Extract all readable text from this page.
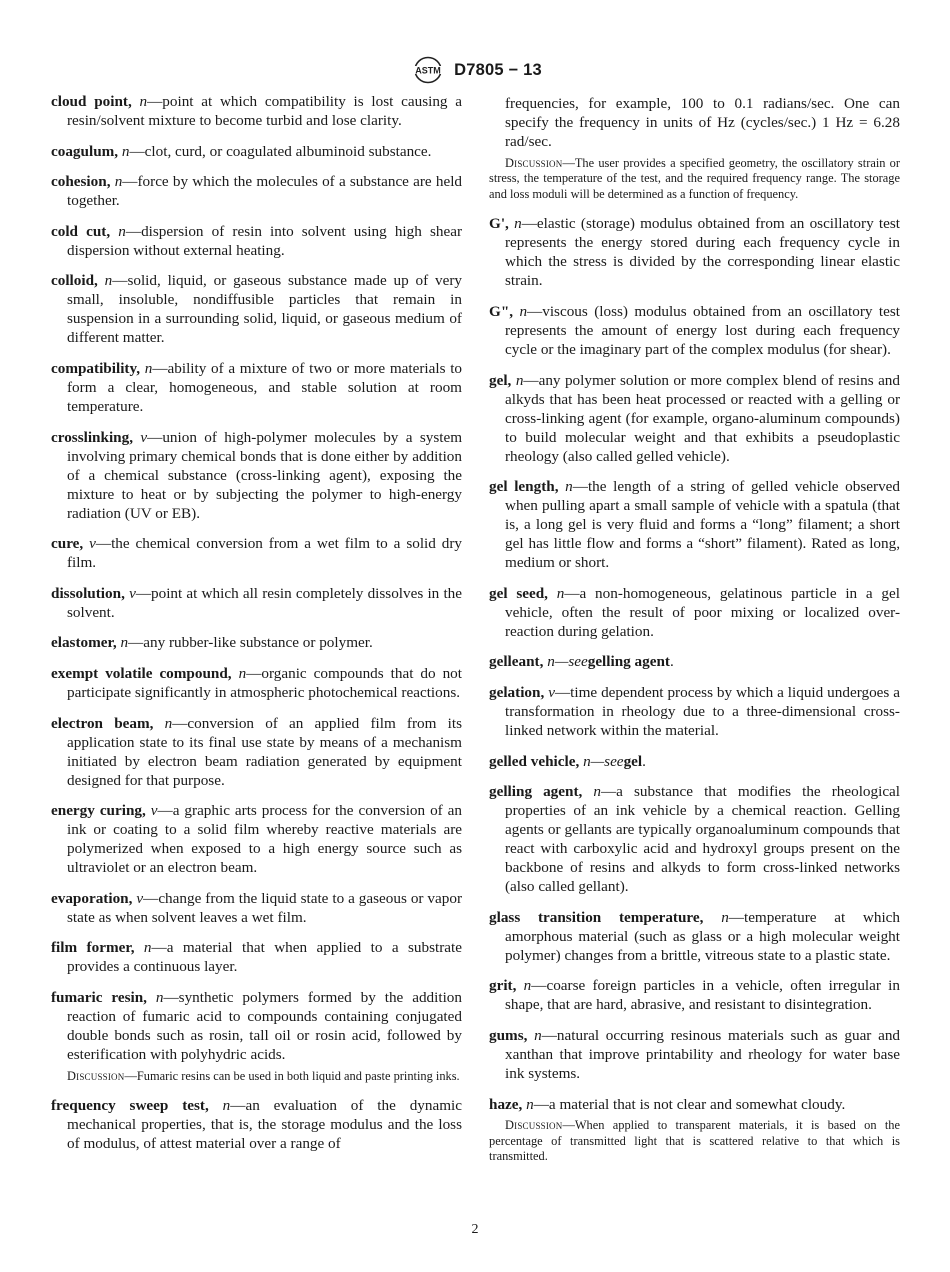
ASTM D7805 − 13

cloud point, n—point at which compatibility is lost causing a resin/solvent mixture to become turbid and lose clarity.

coagulum, n—clot, curd, or coagulated albuminoid substance.

cohesion, n—force by which the molecules of a substance are held together.

cold cut, n—dispersion of resin into solvent using high shear dispersion without external heating.

colloid, n—solid, liquid, or gaseous substance made up of very small, insoluble, nondiffusible particles that remain in suspension in a surrounding solid, liquid, or gaseous medium of different matter.

compatibility, n—ability of a mixture of two or more materials to form a clear, homogeneous, and stable solution at room temperature.

crosslinking, v—union of high-polymer molecules by a system involving primary chemical bonds that is done either by addition of a chemical substance (cross-linking agent), exposing the mixture to heat or by subjecting the polymer to high-energy radiation (UV or EB).

cure, v—the chemical conversion from a wet film to a solid dry film.

dissolution, v—point at which all resin completely dissolves in the solvent.

elastomer, n—any rubber-like substance or polymer.

exempt volatile compound, n—organic compounds that do not participate significantly in atmospheric photochemical reactions.

electron beam, n—conversion of an applied film from its application state to its final use state by means of a mechanism initiated by electron beam radiation generated by equipment designed for that purpose.

energy curing, v—a graphic arts process for the conversion of an ink or coating to a solid film whereby reactive materials are polymerized when exposed to a high energy source such as ultraviolet or an electron beam.

evaporation, v—change from the liquid state to a gaseous or vapor state as when solvent leaves a wet film.

film former, n—a material that when applied to a substrate provides a continuous layer.

fumaric resin, n—synthetic polymers formed by the addition reaction of fumaric acid to compounds containing conjugated double bonds such as rosin, tall oil or rosin acid, followed by esterification with polyhydric acids.

Discussion—Fumaric resins can be used in both liquid and paste printing inks.

frequency sweep test, n—an evaluation of the dynamic mechanical properties, that is, the storage modulus and the loss of modulus, of attest material over a range of

frequencies, for example, 100 to 0.1 radians/sec. One can specify the frequency in units of Hz (cycles/sec.) 1 Hz = 6.28 rad/sec.

Discussion—The user provides a specified geometry, the oscillatory strain or stress, the temperature of the test, and the required frequency range. The storage and loss moduli will be determined as a function of frequency.

G', n—elastic (storage) modulus obtained from an oscillatory test represents the energy stored during each frequency cycle in which the stress is divided by the corresponding linear elastic strain.

G", n—viscous (loss) modulus obtained from an oscillatory test represents the amount of energy lost during each frequency cycle or the imaginary part of the complex modulus (for shear).

gel, n—any polymer solution or more complex blend of resins and alkyds that has been heat processed or reacted with a gelling or cross-linking agent (for example, organo-aluminum compounds) to build molecular weight and that exhibits a pseudoplastic rheology (also called gelled vehicle).

gel length, n—the length of a string of gelled vehicle observed when pulling apart a small sample of vehicle with a spatula (that is, a long gel is very fluid and forms a “long” filament; a short gel has little flow and forms a “short” filament). Rated as long, medium or short.

gel seed, n—a non-homogeneous, gelatinous particle in a gel vehicle, often the result of poor mixing or localized over-reaction during gelation.

gelleant, n—seegelling agent.

gelation, v—time dependent process by which a liquid undergoes a transformation in rheology due to a three-dimensional cross-linked network within the material.

gelled vehicle, n—seegel.

gelling agent, n—a substance that modifies the rheological properties of an ink vehicle by a chemical reaction. Gelling agents or gellants are typically organoaluminum compounds that react with carboxylic acid and hydroxyl groups present on the backbone of resins and alkyds to form cross-linked networks (also called gellant).

glass transition temperature, n—temperature at which amorphous material (such as glass or a high molecular weight polymer) changes from a brittle, vitreous state to a plastic state.

grit, n—coarse foreign particles in a vehicle, often irregular in shape, that are hard, abrasive, and resistant to disintegration.

gums, n—natural occurring resinous materials such as guar and xanthan that improve printability and rheology for water base ink systems.

haze, n—a material that is not clear and somewhat cloudy.

Discussion—When applied to transparent materials, it is based on the percentage of transmitted light that is scattered relative to that which is transmitted.

2
